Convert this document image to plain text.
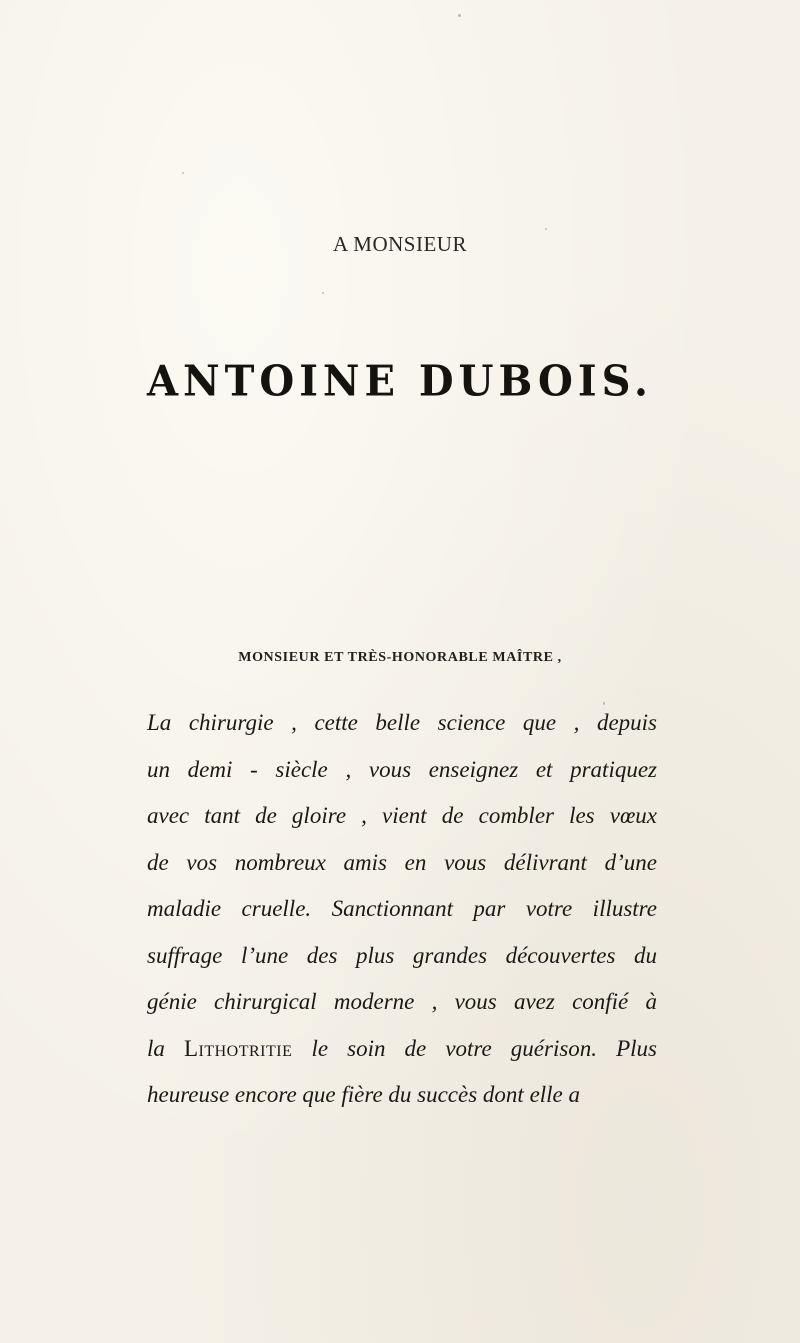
A MONSIEUR
ANTOINE DUBOIS.
MONSIEUR ET TRÈS-HONORABLE MAÎTRE ,
La chirurgie , cette belle science que , depuis
un demi - siècle , vous enseignez et pratiquez
avec tant de gloire , vient de combler les vœux
de vos nombreux amis en vous délivrant d’une
maladie cruelle. Sanctionnant par votre illustre
suffrage l’une des plus grandes découvertes du
génie chirurgical moderne , vous avez confié à
la Lithotritie le soin de votre guérison. Plus
heureuse encore que fière du succès dont elle a
